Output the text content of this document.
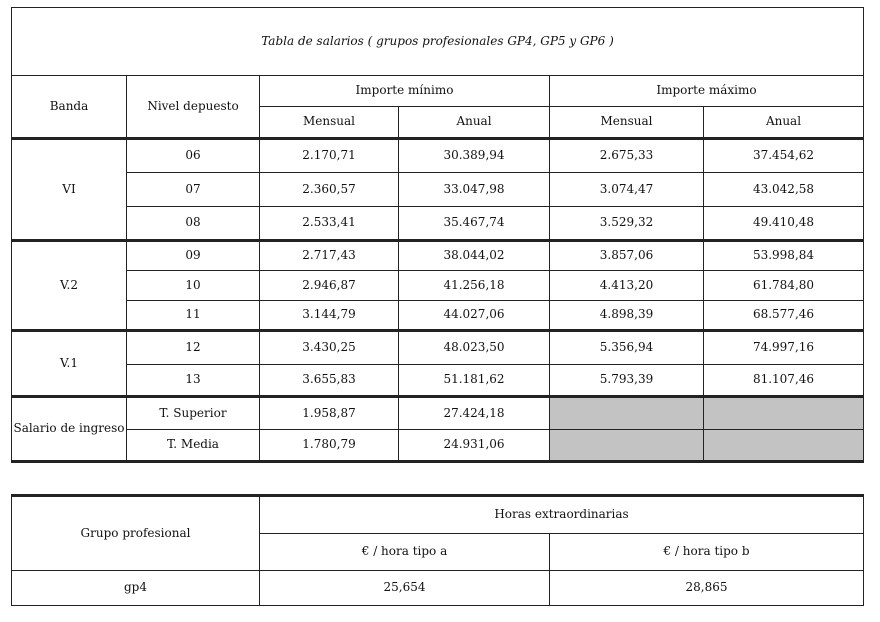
Tabla de salarios ( grupos profesionales GP4, GP5 y GP6 )					
Banda	Nivel depuesto	Importe mínimo		Importe máximo	
		Mensual	Anual	Mensual	Anual
VI	06	2.170,71	30.389,94	2.675,33	37.454,62
	07	2.360,57	33.047,98	3.074,47	43.042,58
	08	2.533,41	35.467,74	3.529,32	49.410,48
V.2	09	2.717,43	38.044,02	3.857,06	53.998,84
	10	2.946,87	41.256,18	4.413,20	61.784,80
	11	3.144,79	44.027,06	4.898,39	68.577,46
V.1	12	3.430,25	48.023,50	5.356,94	74.997,16
	13	3.655,83	51.181,62	5.793,39	81.107,46
Salario de ingreso	T. Superior	1.958,87	27.424,18		
	T. Media	1.780,79	24.931,06		
Grupo profesional	Horas extraordinarias	
	€ / hora tipo a	€ / hora tipo b
gp4	25,654	28,865
